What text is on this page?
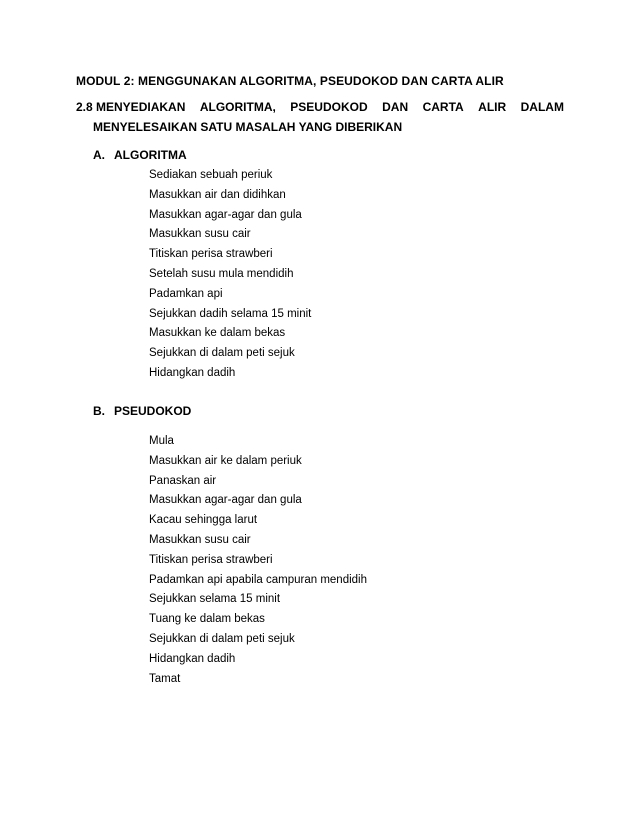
MODUL 2: MENGGUNAKAN ALGORITMA, PSEUDOKOD DAN CARTA ALIR
2.8 MENYEDIAKAN ALGORITMA, PSEUDOKOD DAN CARTA ALIR DALAM
MENYELESAIKAN SATU MASALAH YANG DIBERIKAN
A. ALGORITMA
Sediakan sebuah periuk
Masukkan air dan didihkan
Masukkan agar-agar dan gula
Masukkan susu cair
Titiskan perisa strawberi
Setelah susu mula mendidih
Padamkan api
Sejukkan dadih selama 15 minit
Masukkan ke dalam bekas
Sejukkan di dalam peti sejuk
Hidangkan dadih
B. PSEUDOKOD
Mula
Masukkan air ke dalam periuk
Panaskan air
Masukkan agar-agar dan gula
Kacau sehingga larut
Masukkan susu cair
Titiskan perisa strawberi
Padamkan api apabila campuran mendidih
Sejukkan selama 15 minit
Tuang ke dalam bekas
Sejukkan di dalam peti sejuk
Hidangkan dadih
Tamat
